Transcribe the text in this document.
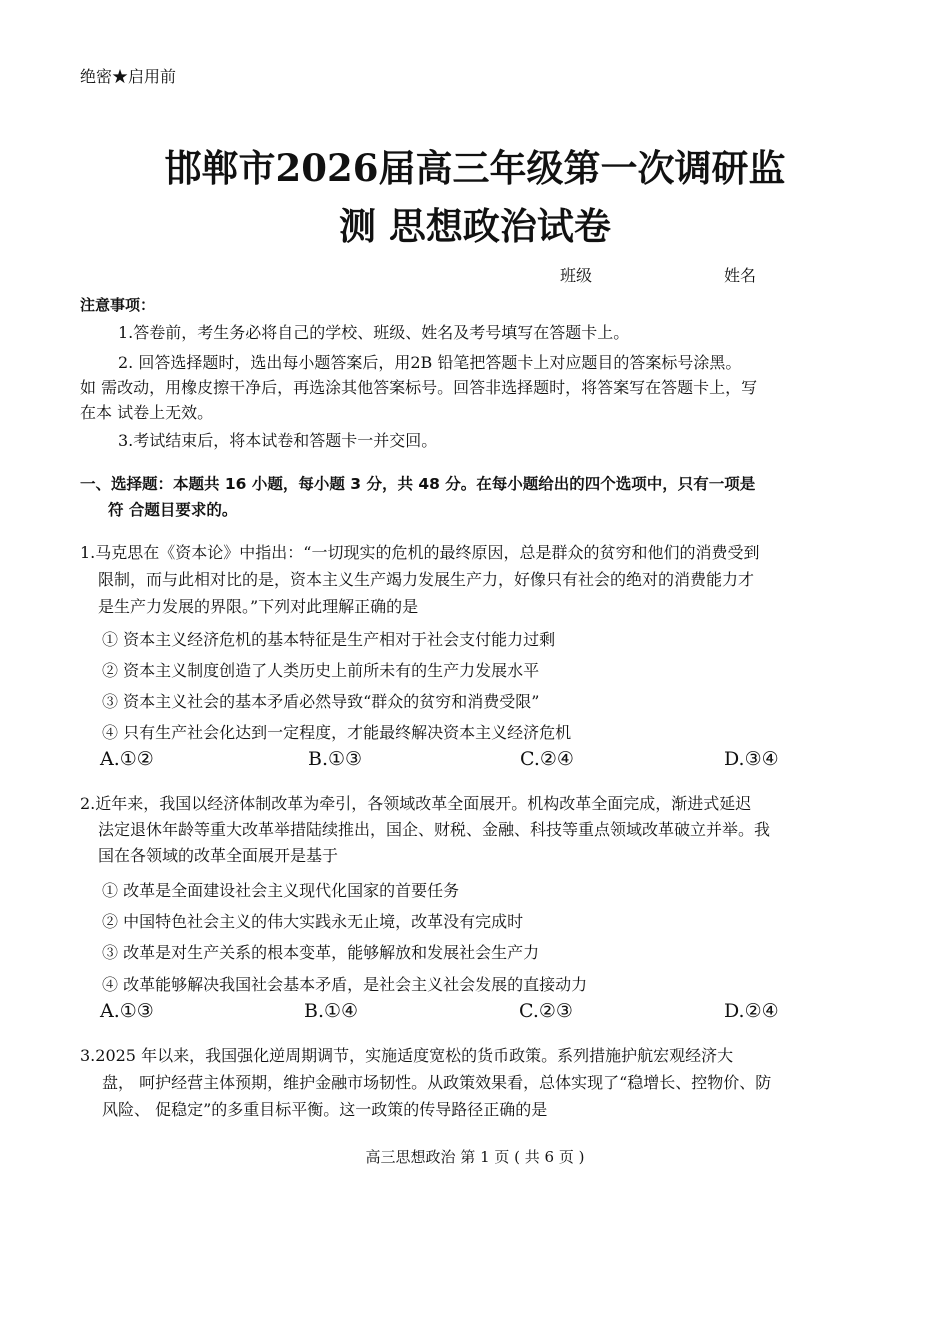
绝密★启用前
邯郸市2026届高三年级第一次调研监
测 思想政治试卷
班级	姓名
注意事项：
1.答卷前，考生务必将自己的学校、班级、姓名及考号填写在答题卡上。
2. 回答选择题时，选出每小题答案后，用2B 铅笔把答题卡上对应题目的答案标号涂黑。
如 需改动，用橡皮擦干净后，再选涂其他答案标号。回答非选择题时，将答案写在答题卡上，写
在本 试卷上无效。
3.考试结束后，将本试卷和答题卡一并交回。
一、选择题：本题共 16 小题，每小题 3 分，共 48 分。在每小题给出的四个选项中，只有一项是
符 合题目要求的。
1.马克思在《资本论》中指出：“一切现实的危机的最终原因，总是群众的贫穷和他们的消费受到
限制，而与此相对比的是，资本主义生产竭力发展生产力，好像只有社会的绝对的消费能力才
是生产力发展的界限。”下列对此理解正确的是
① 资本主义经济危机的基本特征是生产相对于社会支付能力过剩
② 资本主义制度创造了人类历史上前所未有的生产力发展水平
③ 资本主义社会的基本矛盾必然导致“群众的贫穷和消费受限”
④ 只有生产社会化达到一定程度，才能最终解决资本主义经济危机
A.①②	B.①③	C.②④	D.③④
2.近年来，我国以经济体制改革为牵引，各领域改革全面展开。机构改革全面完成，渐进式延迟
法定退休年龄等重大改革举措陆续推出，国企、财税、金融、科技等重点领域改革破立并举。我
国在各领域的改革全面展开是基于
① 改革是全面建设社会主义现代化国家的首要任务
② 中国特色社会主义的伟大实践永无止境，改革没有完成时
③ 改革是对生产关系的根本变革，能够解放和发展社会生产力
④ 改革能够解决我国社会基本矛盾，是社会主义社会发展的直接动力
A.①③	B.①④	C.②③	D.②④
3.2025 年以来，我国强化逆周期调节，实施适度宽松的货币政策。系列措施护航宏观经济大
盘， 呵护经营主体预期，维护金融市场韧性。从政策效果看，总体实现了“稳增长、控物价、防
风险、 促稳定”的多重目标平衡。这一政策的传导路径正确的是
高三思想政治 第 1 页 ( 共 6 页 )
